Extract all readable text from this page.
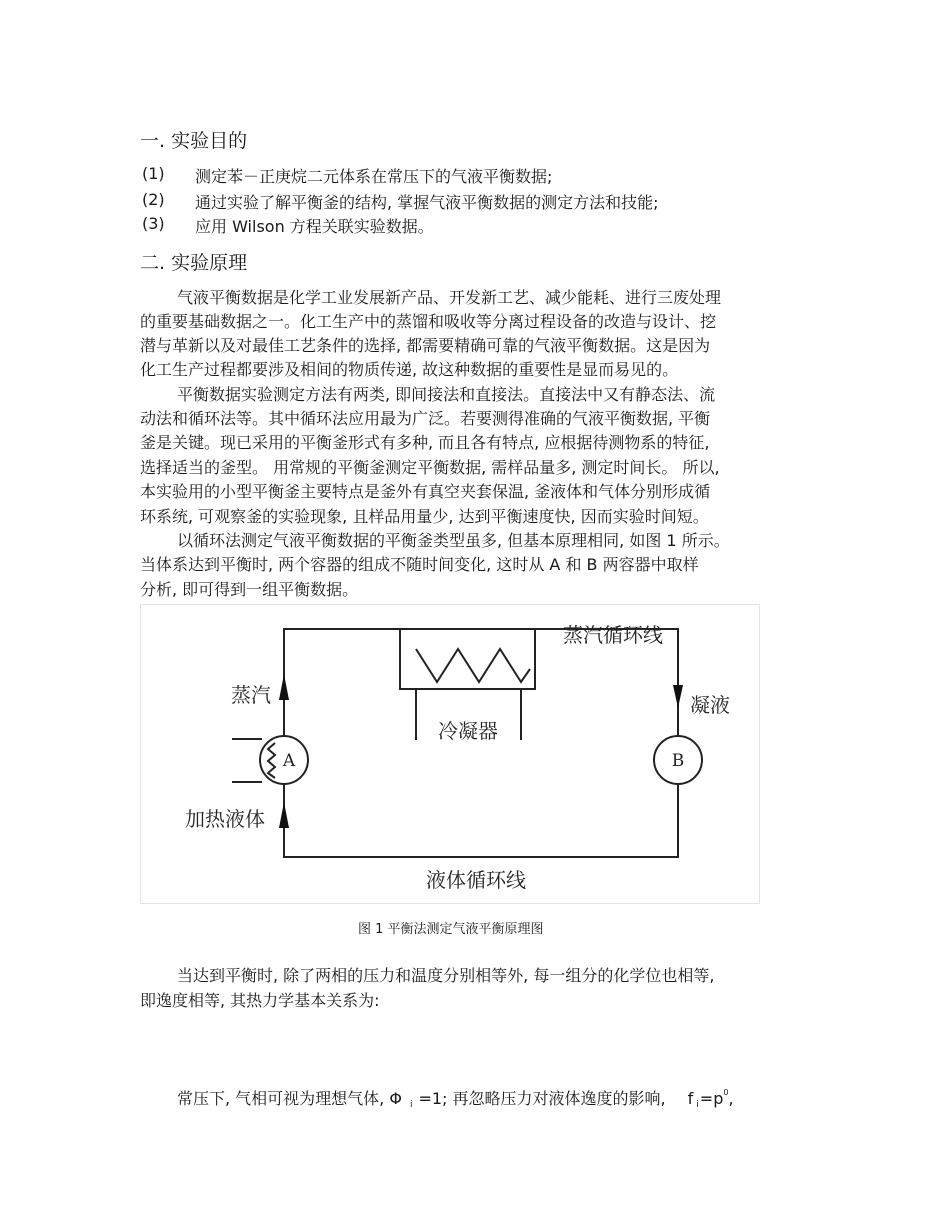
一. 实验目的
(1) 测定苯－正庚烷二元体系在常压下的气液平衡数据;
(2) 通过实验了解平衡釜的结构, 掌握气液平衡数据的测定方法和技能;
(3) 应用 Wilson 方程关联实验数据。
二. 实验原理
气液平衡数据是化学工业发展新产品、开发新工艺、减少能耗、进行三废处理
的重要基础数据之一。化工生产中的蒸馏和吸收等分离过程设备的改造与设计、挖
潜与革新以及对最佳工艺条件的选择, 都需要精确可靠的气液平衡数据。这是因为
化工生产过程都要涉及相间的物质传递, 故这种数据的重要性是显而易见的。
平衡数据实验测定方法有两类, 即间接法和直接法。直接法中又有静态法、流
动法和循环法等。其中循环法应用最为广泛。若要测得准确的气液平衡数据, 平衡
釜是关键。现已采用的平衡釜形式有多种, 而且各有特点, 应根据待测物系的特征,
选择适当的釜型。 用常规的平衡釜测定平衡数据, 需样品量多, 测定时间长。 所以,
本实验用的小型平衡釜主要特点是釜外有真空夹套保温, 釜液体和气体分别形成循
环系统, 可观察釜的实验现象, 且样品用量少, 达到平衡速度快, 因而实验时间短。
以循环法测定气液平衡数据的平衡釜类型虽多, 但基本原理相同, 如图 1 所示。
当体系达到平衡时, 两个容器的组成不随时间变化, 这时从 A 和 B 两容器中取样
分析, 即可得到一组平衡数据。
A	B
蒸汽循环线
蒸汽	凝液
冷凝器
加热液体
液体循环线
图 1 平衡法测定气液平衡原理图
当达到平衡时, 除了两相的压力和温度分别相等外, 每一组分的化学位也相等,
即逸度相等, 其热力学基本关系为:
常压下, 气相可视为理想气体, Φ i =1; 再忽略压力对液体逸度的影响, f $i=p^0$,
